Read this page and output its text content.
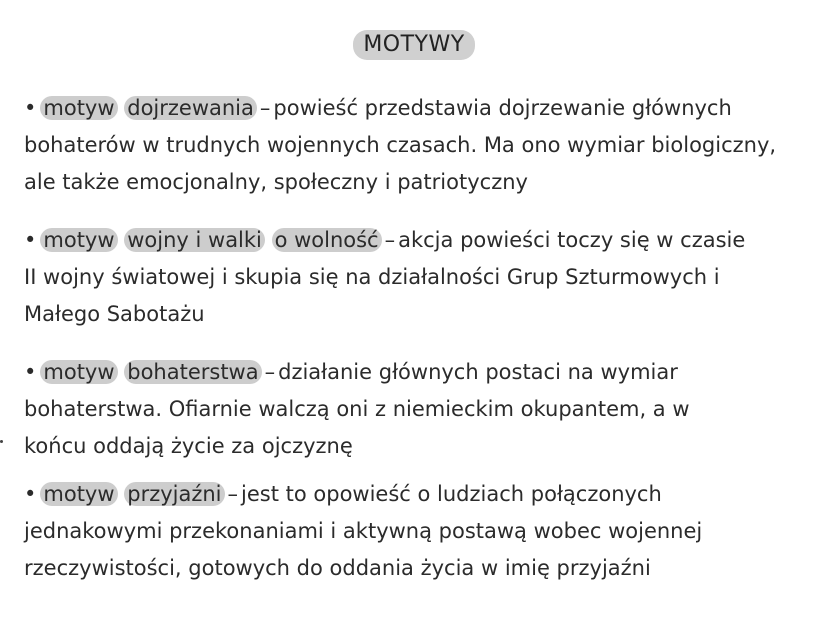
MOTYWY
• motyw dojrzewania – powieść przedstawia dojrzewanie głównych
bohaterów w trudnych wojennych czasach. Ma ono wymiar biologiczny,
ale także emocjonalny, społeczny i patriotyczny
• motyw wojny i walki o wolność – akcja powieści toczy się w czasie
II wojny światowej i skupia się na działalności Grup Szturmowych i
Małego Sabotażu
• motyw bohaterstwa – działanie głównych postaci na wymiar
bohaterstwa. Ofiarnie walczą oni z niemieckim okupantem, a w
końcu oddają życie za ojczyznę
• motyw przyjaźni – jest to opowieść o ludziach połączonych
jednakowymi przekonaniami i aktywną postawą wobec wojennej
rzeczywistości, gotowych do oddania życia w imię przyjaźni
